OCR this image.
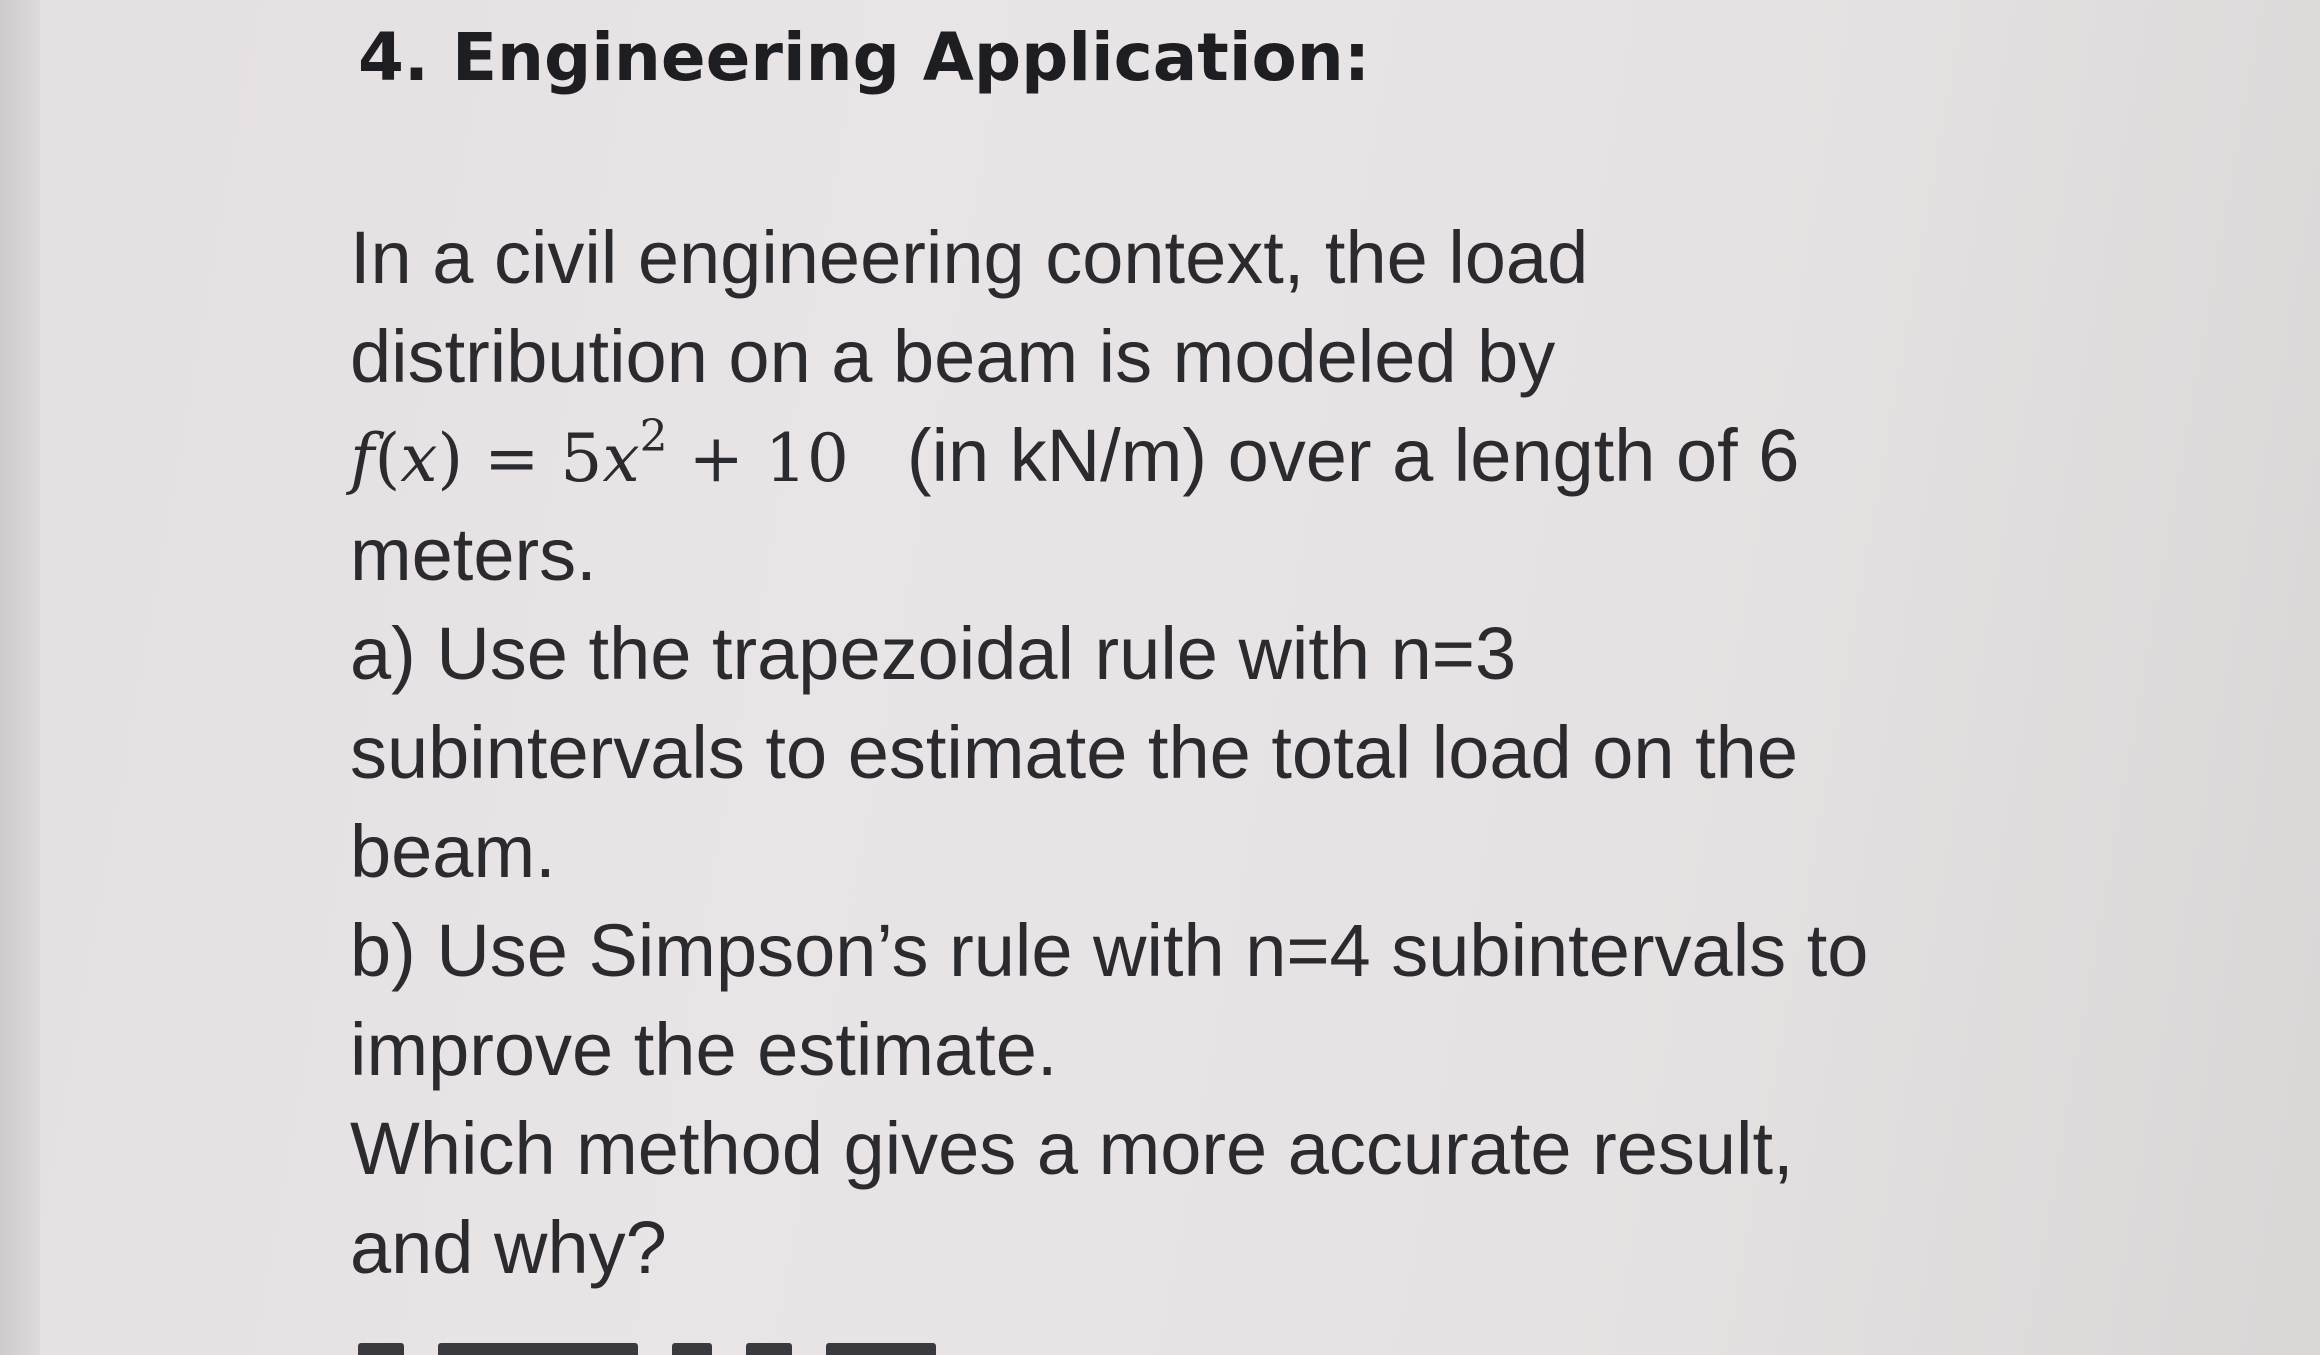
4. Engineering Application:
In a civil engineering context, the load
distribution on a beam is modeled by
$f(x) = 5x^2 + 10$ (in kN/m) over a length of 6
meters.
a) Use the trapezoidal rule with n=3
subintervals to estimate the total load on the
beam.
b) Use Simpson’s rule with n=4 subintervals to
improve the estimate.
Which method gives a more accurate result,
and why?
